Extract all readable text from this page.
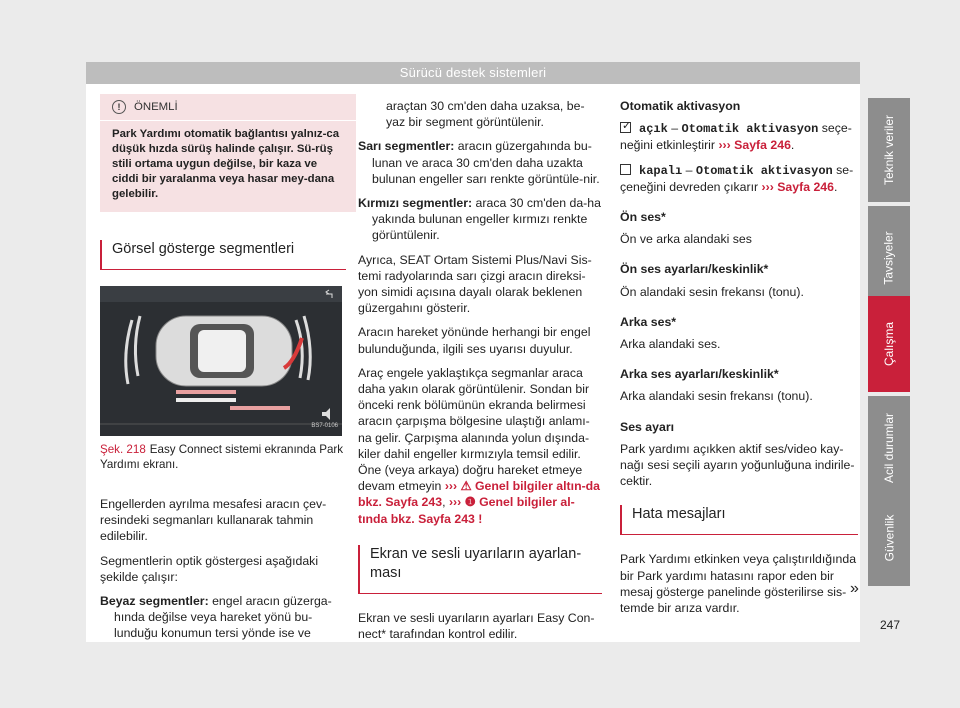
Sürücü destek sistemleri
!	ÖNEMLİ
Park Yardımı otomatik bağlantısı yalnız-ca düşük hızda sürüş halinde çalışır. Sü-rüş stili ortama uygun değilse, bir kaza ve ciddi bir yaralanma veya hasar mey-dana gelebilir.
Görsel gösterge segmentleri
BS7-0106
Şek. 218 Easy Connect sistemi ekranında Park Yardımı ekranı.

Engellerden ayrılma mesafesi aracın çev-resindeki segmanları kullanarak tahmin edilebilir.

Segmentlerin optik göstergesi aşağıdaki şekilde çalışır:

Beyaz segmentler: engel aracın güzerga-hında değilse veya hareket yönü bu-lunduğu konumun tersi yönde ise ve

araçtan 30 cm'den daha uzaksa, be-yaz bir segment görüntülenir.

Sarı segmentler: aracın güzergahında bu-lunan ve araca 30 cm'den daha uzakta bulunan engeller sarı renkte görüntüle-nir.

Kırmızı segmentler: araca 30 cm'den da-ha yakında bulunan engeller kırmızı renkte görüntülenir.

Ayrıca, SEAT Ortam Sistemi Plus/Navi Sis-temi radyolarında sarı çizgi aracın direksi-yon simidi açısına dayalı olarak beklenen güzergahını gösterir.

Aracın hareket yönünde herhangi bir engel bulunduğunda, ilgili ses uyarısı duyulur.

Araç engele yaklaştıkça segmanlar araca daha yakın olarak görüntülenir. Sondan bir önceki renk bölümünün ekranda belirmesi aracın çarpışma bölgesine ulaştığı anlamı-na gelir. Çarpışma alanında yolun dışında-kiler dahil engeller kırmızıyla temsil edilir. Öne (veya arkaya) doğru hareket etmeye devam etmeyin ››› ⚠ Genel bilgiler altın-da bkz. Sayfa 243, ››› ❶ Genel bilgiler al-tında bkz. Sayfa 243 !

Ekran ve sesli uyarıların ayarlan-ması

Ekran ve sesli uyarıların ayarları Easy Con-nect* tarafından kontrol edilir.

Otomatik aktivasyon

✓açık – Otomatik aktivasyon seçe-neğini etkinleştirir ››› Sayfa 246.

kapalı – Otomatik aktivasyon se-çeneğini devreden çıkarır ››› Sayfa 246.

Ön ses*

Ön ve arka alandaki ses

Ön ses ayarları/keskinlik*

Ön alandaki sesin frekansı (tonu).

Arka ses*

Arka alandaki ses.

Arka ses ayarları/keskinlik*

Arka alandaki sesin frekansı (tonu).

Ses ayarı

Park yardımı açıkken aktif ses/video kay-nağı sesi seçili ayarın yoğunluğuna indirile-cektir.

Hata mesajları

Park Yardımı etkinken veya çalıştırıldığında bir Park yardımı hatasını rapor eden bir mesaj gösterge panelinde gösterilirse sis-temde bir arıza vardır.

Teknik veriler
Tavsiyeler
Çalışma
Acil durumlar
Güvenlik
»
247
